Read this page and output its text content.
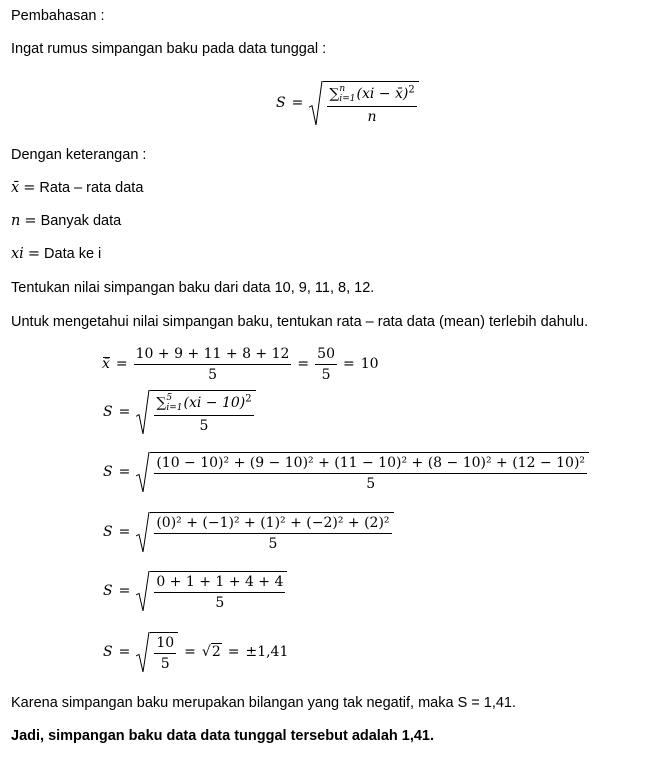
Pembahasan :
Ingat rumus simpangan baku pada data tunggal :
S = ∑ n
i=1 (xi − x̄)$^2$
n
Dengan keterangan :
x̄ = Rata – rata data
n = Banyak data
xi = Data ke i
Tentukan nilai simpangan baku dari data 10, 9, 11, 8, 12.
Untuk mengetahui nilai simpangan baku, tentukan rata – rata data (mean) terlebih dahulu.
x̄ = $\frac{10 + 9 + 11 + 8 + 12}{5} = \frac{50}{5} = 10$
S = ∑ 5
i=1 (xi − 10)$^2$
5
$S = \frac{\text{(10 − 10)² + (9 − 10)² + (11 − 10)² + (8 − 10)² + (12 − 10)²}}{5}$
$S = \frac{\text{(0)² + (−1)² + (1)² + (−2)² + (2)²}}{5}$
$S = \frac{0 + 1 + 1 + 4 + 4}{5}$
$S = \frac{10}{5} = √2 = \pm 1,41$
Karena simpangan baku merupakan bilangan yang tak negatif, maka S = 1,41.
Jadi, simpangan baku data data tunggal tersebut adalah 1,41.
